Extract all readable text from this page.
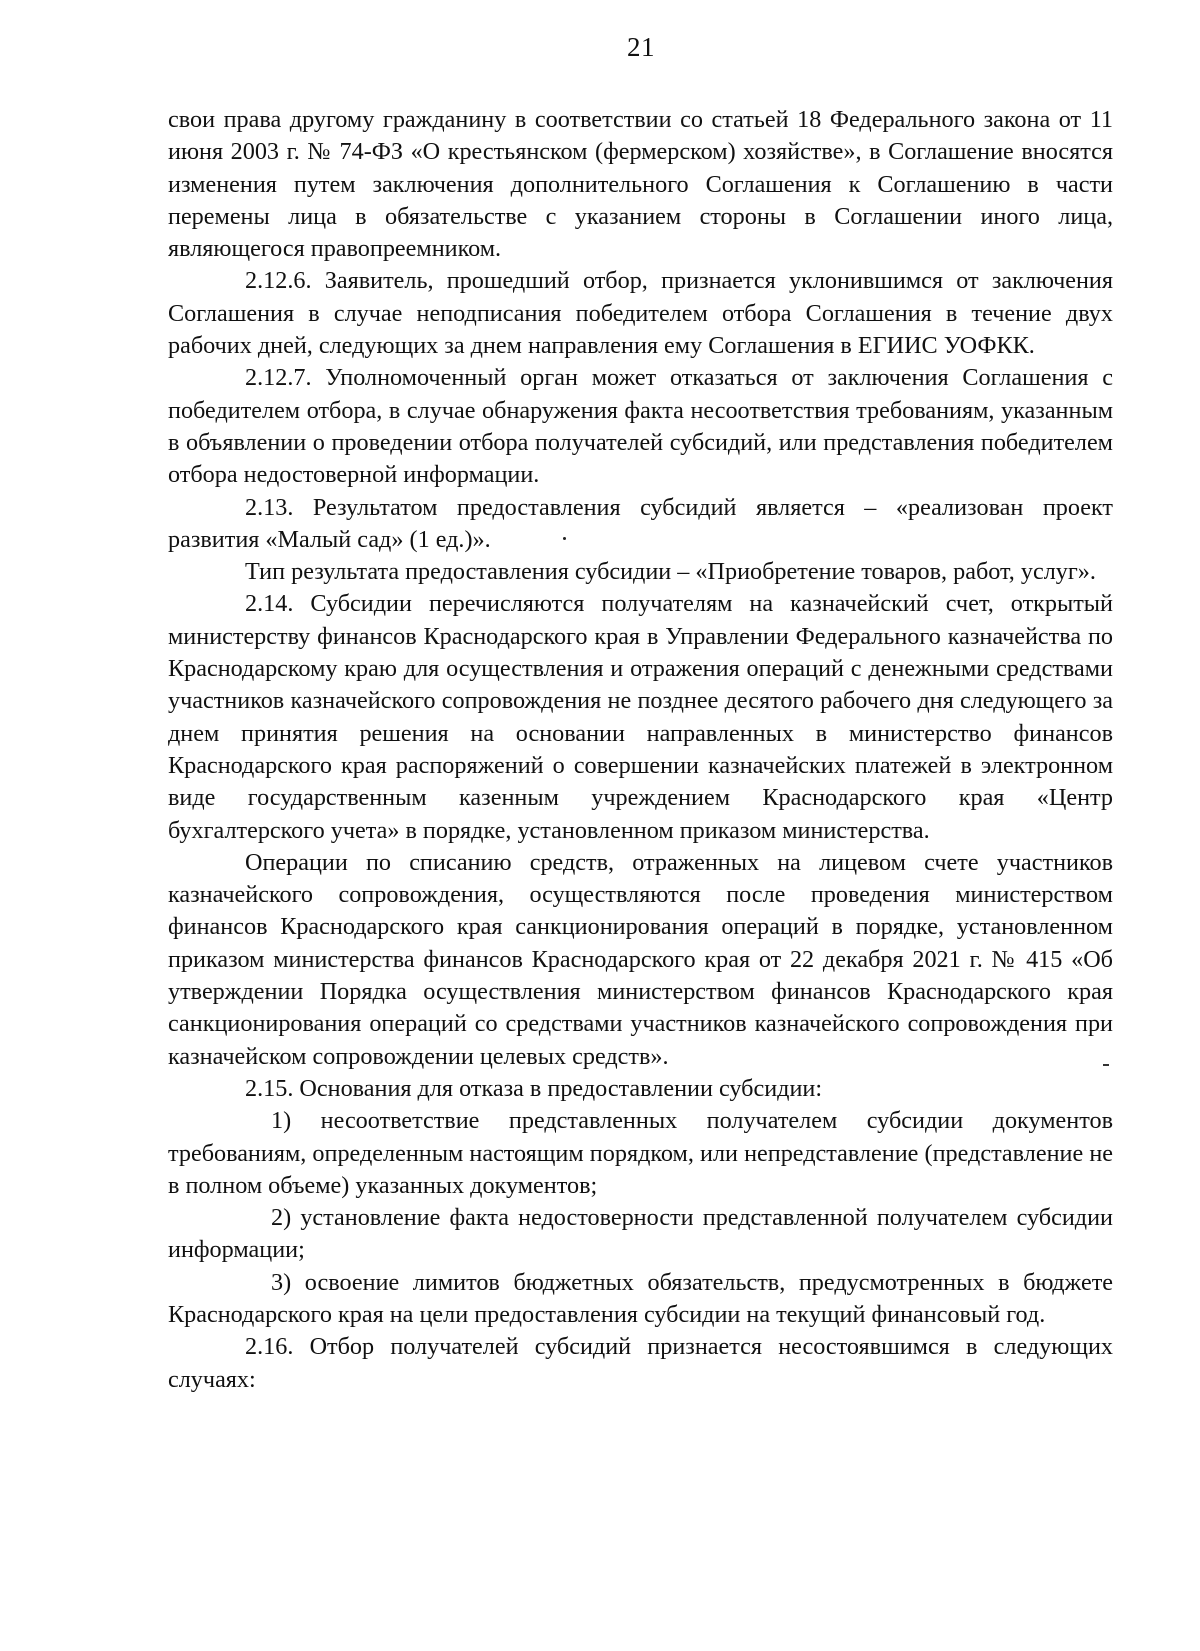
21

свои права другому гражданину в соответствии со статьей 18 Федерального закона от 11 июня 2003 г. № 74-ФЗ «О крестьянском (фермерском) хозяйстве», в Соглашение вносятся изменения путем заключения дополнительного Соглашения к Соглашению в части перемены лица в обязательстве с указанием стороны в Соглашении иного лица, являющегося правопреемником.

2.12.6. Заявитель, прошедший отбор, признается уклонившимся от заключения Соглашения в случае неподписания победителем отбора Соглашения в течение двух рабочих дней, следующих за днем направления ему Соглашения в ЕГИИС УОФКК.

2.12.7. Уполномоченный орган может отказаться от заключения Соглашения с победителем отбора, в случае обнаружения факта несоответствия требованиям, указанным в объявлении о проведении отбора получателей субсидий, или представления победителем отбора недостоверной информации.

2.13. Результатом предоставления субсидий является – «реализован проект развития «Малый сад» (1 ед.)».

Тип результата предоставления субсидии – «Приобретение товаров, работ, услуг».

2.14. Субсидии перечисляются получателям на казначейский счет, открытый министерству финансов Краснодарского края в Управлении Федерального казначейства по Краснодарскому краю для осуществления и отражения операций с денежными средствами участников казначейского сопровождения не позднее десятого рабочего дня следующего за днем принятия решения на основании направленных в министерство финансов Краснодарского края распоряжений о совершении казначейских платежей в электронном виде государственным казенным учреждением Краснодарского края «Центр бухгалтерского учета» в порядке, установленном приказом министерства.

Операции по списанию средств, отраженных на лицевом счете участников казначейского сопровождения, осуществляются после проведения министерством финансов Краснодарского края санкционирования операций в порядке, установленном приказом министерства финансов Краснодарского края от 22 декабря 2021 г. № 415 «Об утверждении Порядка осуществления министерством финансов Краснодарского края санкционирования операций со средствами участников казначейского сопровождения при казначейском сопровождении целевых средств».

2.15. Основания для отказа в предоставлении субсидии:

1) несоответствие представленных получателем субсидии документов требованиям, определенным настоящим порядком, или непредставление (представление не в полном объеме) указанных документов;

2) установление факта недостоверности представленной получателем субсидии информации;

3) освоение лимитов бюджетных обязательств, предусмотренных в бюджете Краснодарского края на цели предоставления субсидии на текущий финансовый год.

2.16. Отбор получателей субсидий признается несостоявшимся в следующих случаях:
